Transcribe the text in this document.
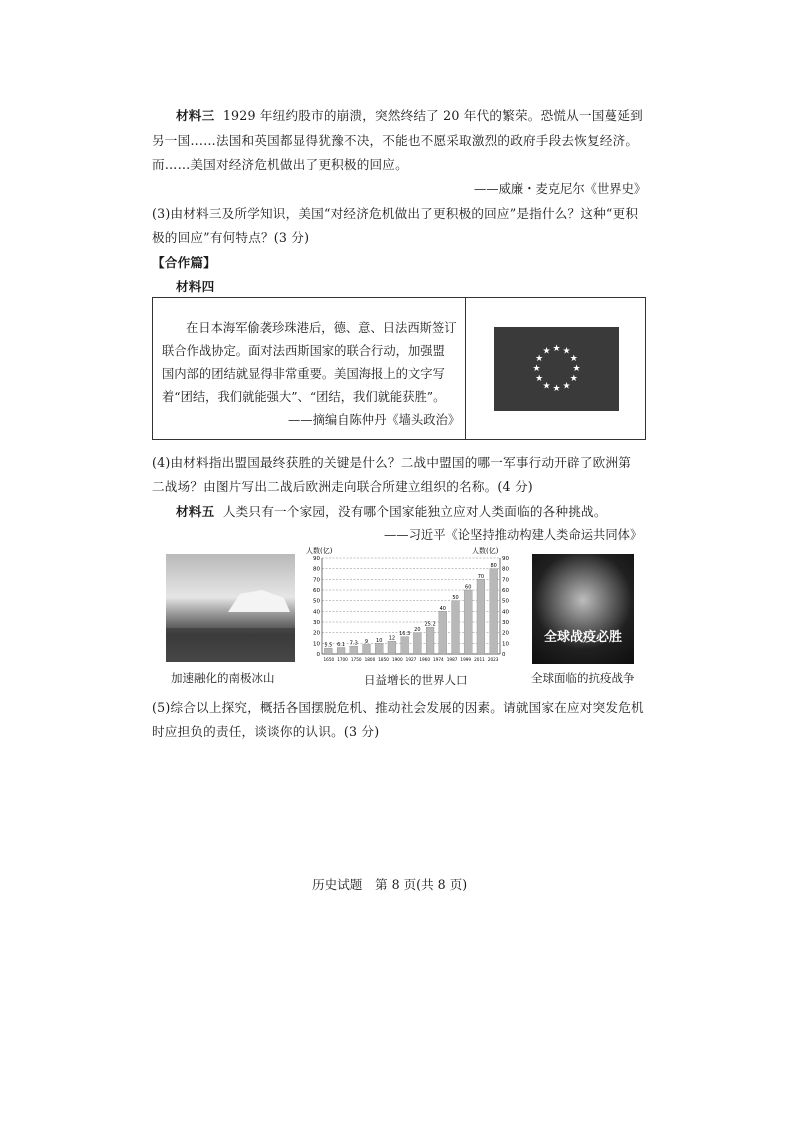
材料三 1929 年纽约股市的崩溃，突然终结了 20 年代的繁荣。恐慌从一国蔓延到
另一国……法国和英国都显得犹豫不决，不能也不愿采取激烈的政府手段去恢复经济。
而……美国对经济危机做出了更积极的回应。
——威廉・麦克尼尔《世界史》
(3)由材料三及所学知识，美国“对经济危机做出了更积极的回应”是指什么？这种“更积
极的回应”有何特点？(3 分)
【合作篇】
材料四
在日本海军偷袭珍珠港后，德、意、日法西斯签订
联合作战协定。面对法西斯国家的联合行动，加强盟
国内部的团结就显得非常重要。美国海报上的文字写
着“团结，我们就能强大”、“团结，我们就能获胜”。
——摘编自陈仲丹《墙头政治》
★ ★
★
★
★
★
★
★
★
★
★
★
(4)由材料指出盟国最终获胜的关键是什么？二战中盟国的哪一军事行动开辟了欧洲第
二战场？由图片写出二战后欧洲走向联合所建立组织的名称。(4 分)
材料五 人类只有一个家园，没有哪个国家能独立应对人类面临的各种挑战。
——习近平《论坚持推动构建人类命运共同体》
加速融化的南极冰山
人数(亿)	人数(亿)
5.5 6.1 7.3 9 10 12
16.3
20
25.2
40
50
60
70
80
0	0
10	10
20	20
30	30
40	40
50	50
60	60
70	70
80	80
90	90
1650 1700 1750 1800 1850 1900 1927 1960 1974 1987 1999 2011 2023
日益增长的世界人口
全球战疫必胜
全球面临的抗疫战争
(5)综合以上探究，概括各国摆脱危机、推动社会发展的因素。请就国家在应对突发危机
时应担负的责任，谈谈你的认识。(3 分)
历史试题　第 8 页(共 8 页)
